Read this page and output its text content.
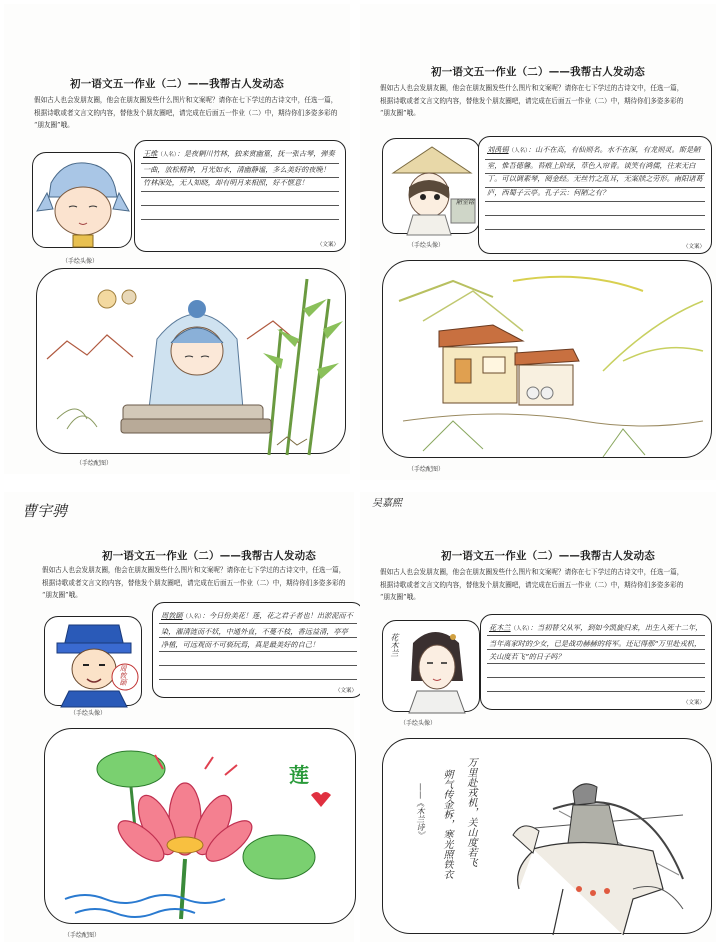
初一语文五一作业（二）——我帮古人发动态
假如古人也会发朋友圈，他会在朋友圈发些什么图片和文案呢？请你在七下学过的古诗文中，任选一篇，
根据诗歌或者文言文的内容，替他发个朋友圈吧，请完成在后面五一作业（二）中，期待你们多姿多彩的
“朋友圈”哦。
王维（人名）：是夜辋川竹林，独来赏幽篁，抚一张古琴，弹奏一曲，放松精神，月光如水，清幽静谧，多么美好的夜晚！竹林深处，无人知晓，却有明月来相照，好不惬意！
（文案）
（手绘头像）
（手绘配图）
初一语文五一作业（二）——我帮古人发动态
假如古人也会发朋友圈，他会在朋友圈发些什么图片和文案呢？请你在七下学过的古诗文中，任选一篇，
根据诗歌或者文言文的内容，替他发个朋友圈吧，请完成在后面五一作业（二）中，期待你们多姿多彩的
“朋友圈”哦。
陋室铭
刘禹锡（人名）：山不在高，有仙则名。水不在深，有龙则灵。斯是陋室，惟吾德馨。苔痕上阶绿，草色入帘青。谈笑有鸿儒，往来无白丁。可以调素琴，阅金经。无丝竹之乱耳，无案牍之劳形。南阳诸葛庐，西蜀子云亭。孔子云：何陋之有？
（文案）
（手绘头像）
（手绘配图）
曹宇骋
初一语文五一作业（二）——我帮古人发动态
假如古人也会发朋友圈，他会在朋友圈发些什么图片和文案呢？请你在七下学过的古诗文中，任选一篇，
根据诗歌或者文言文的内容，替他发个朋友圈吧，请完成在后面五一作业（二）中，期待你们多姿多彩的
“朋友圈”哦。
周敦颐
周敦颐（人名）：今日份美花！莲，花之君子者也！出淤泥而不染，濯清涟而不妖，中通外直，不蔓不枝，香远益清，亭亭净植，可远观而不可亵玩焉，真是最美好的自己！
（文案）
（手绘头像）
莲
（手绘配图）
吴嘉熙
初一语文五一作业（二）——我帮古人发动态
假如古人也会发朋友圈，他会在朋友圈发些什么图片和文案呢？请你在七下学过的古诗文中，任选一篇，
根据诗歌或者文言文的内容，替他发个朋友圈吧，请完成在后面五一作业（二）中，期待你们多姿多彩的
“朋友圈”哦。
花木兰
花木兰（人名）：当初替父从军，到如今凯旋归来，出生入死十二年，当年离家时的少女，已是战功赫赫的将军。还记得那“万里赴戎机，关山度若飞”的日子吗？
（文案）
（手绘头像）
万里赴戎机，关山度若飞
朔气传金柝，寒光照铁衣
——《木兰诗》
